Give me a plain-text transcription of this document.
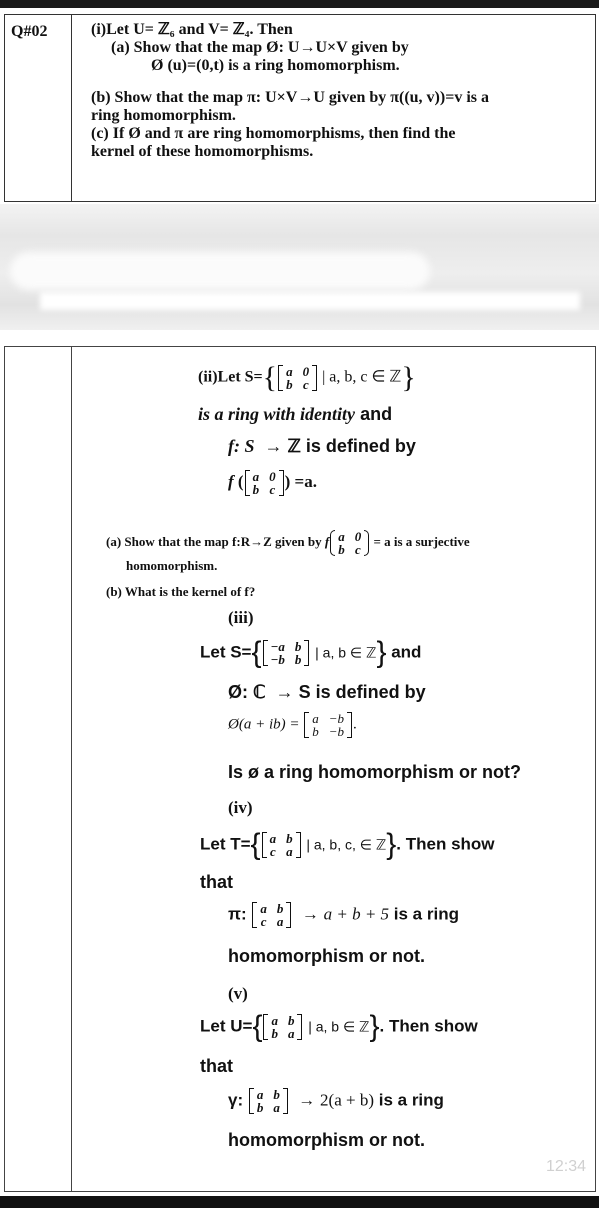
Q#02	(i)Let U= ℤ₆ and V= ℤ₄. Then
(a) Show that the map Ø: U→U×V given by
Ø (u)=(0,t) is a ring homomorphism.
(b) Show that the map π: U×V→U given by π((u, v))=v is a
ring homomorphism.
(c) If Ø and π are ring homomorphisms, then find the
kernel of these homomorphisms.
(ii)Let S={ a	0
b	c | a, b, c ∈ ℤ}
is a ring with identity and
f: S  → ℤ is defined by
f ( a	0
b	c ) =a.
(a) Show that the map f:R→Z given by f a	0
b	c
= a is a surjective
homomorphism.
(b) What is the kernel of f?
(iii)
Let S={ −a	b
−b	b | a, b ∈ ℤ} and
Ø: ℂ  → S is defined by
Ø(a + ib) = a	−b
b	−b .
Is ø a ring homomorphism or not?
(iv)
Let T={ a	b
c	a | a, b, c, ∈ ℤ}. Then show
that
π: a	b
c	a → a + b + 5 is a ring
homomorphism or not.
(v)
Let U={ a	b
b	a | a, b ∈ ℤ}. Then show
that
γ: a	b
b	a → 2(a + b) is a ring
homomorphism or not.
12:34
